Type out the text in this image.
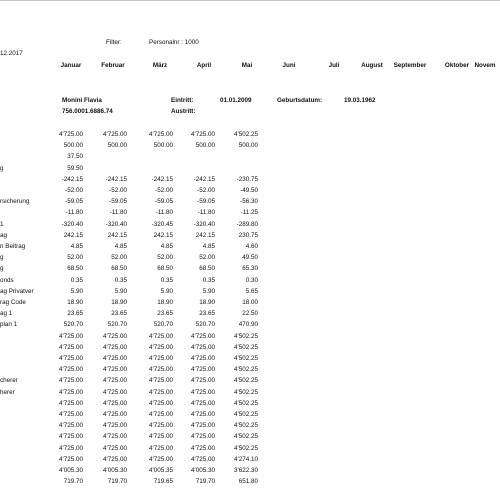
12.2017
Filter:	Personalnr : 1000
Januar	Februar	März	April	Mai	Juni	Juli	August September	Oktober Novem
Monini Flavia
756.0001.6886.74
Eintritt:	01.01.2009
Austritt:
Geburtsdatum:	19.03.1962
4'725.00	4'725.00	4'725.00	4'725.00	4'502.25
500.00	500.00	500.00	500.00	500.00
37.50
g	59.50
-242.15	-242.15	-242.15	-242.15	-230.75
-52.00	-52.00	-52.00	-52.00	-49.50
rsicherung	-59.05	-59.05	-59.05	-59.05	-56.30
-11.80	-11.80	-11.80	-11.80	-11.25
1	-320.40	-320.40	-320.45	-320.40	-289.80
ag	242.15	242.15	242.15	242.15	230.75
n Beitrag	4.85	4.85	4.85	4.85	4.60
g	52.00	52.00	52.00	52.00	49.50
g	68.50	68.50	68.50	68.50	65.30
onds	0.35	0.35	0.35	0.35	0.30
ag Privatver	5.90	5.90	5.90	5.90	5.65
rag Code	18.90	18.90	18.90	18.90	18.00
ag 1	23.65	23.65	23.65	23.65	22.50
plan 1	520.70	520.70	520.70	520.70	470.90
4'725.00	4'725.00	4'725.00	4'725.00	4'502.25
4'725.00	4'725.00	4'725.00	4'725.00	4'502.25
4'725.00	4'725.00	4'725.00	4'725.00	4'502.25
4'725.00	4'725.00	4'725.00	4'725.00	4'502.25
cherer	4'725.00	4'725.00	4'725.00	4'725.00	4'502.25
herer	4'725.00	4'725.00	4'725.00	4'725.00	4'502.25
4'725.00	4'725.00	4'725.00	4'725.00	4'502.25
4'725.00	4'725.00	4'725.00	4'725.00	4'502.25
4'725.00	4'725.00	4'725.00	4'725.00	4'502.25
4'725.00	4'725.00	4'725.00	4'725.00	4'502.25
4'725.00	4'725.00	4'725.00	4'725.00	4'502.25
4'725.00	4'725.00	4'725.00	4'725.00	4'274.10
4'005.30	4'005.30	4'005.35	4'005.30	3'622.30
719.70	719.70	719.65	719.70	651.80
